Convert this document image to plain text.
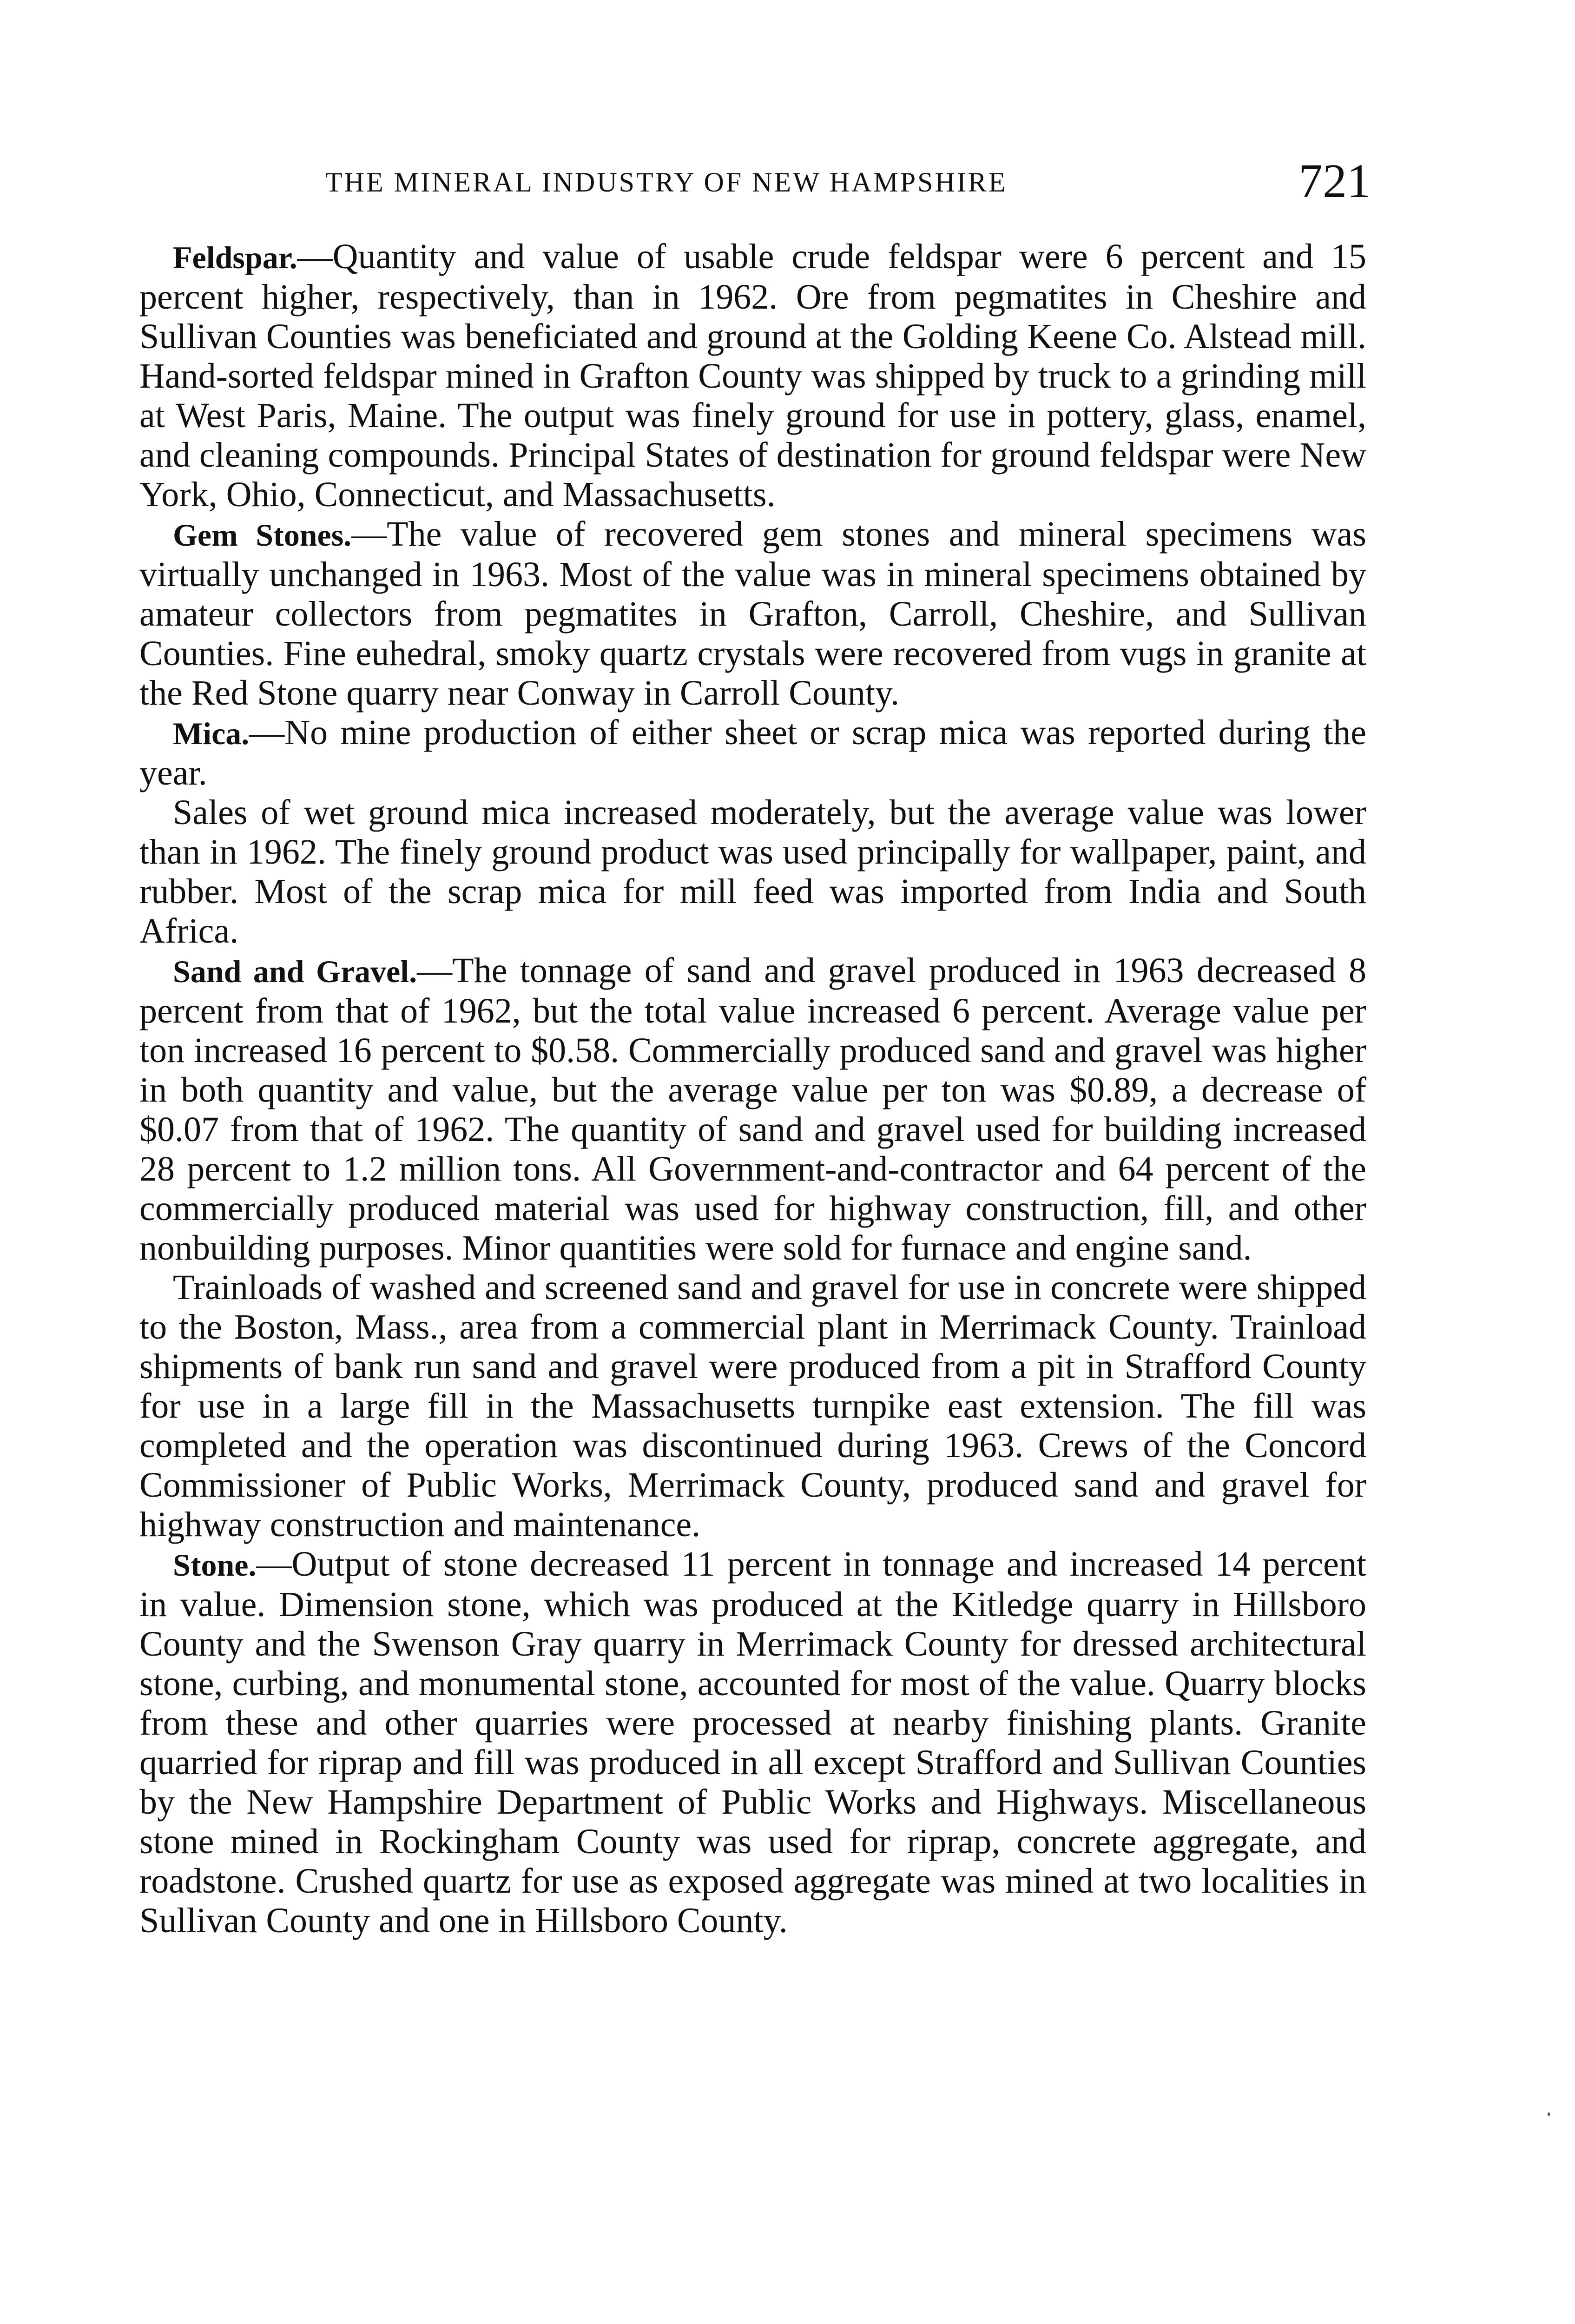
THE MINERAL INDUSTRY OF NEW HAMPSHIRE	721

Feldspar.—Quantity and value of usable crude feldspar were 6 percent and 15 percent higher, respectively, than in 1962. Ore from pegmatites in Cheshire and Sullivan Counties was beneficiated and ground at the Golding Keene Co. Alstead mill. Hand-sorted feldspar mined in Grafton County was shipped by truck to a grinding mill at West Paris, Maine. The output was finely ground for use in pottery, glass, enamel, and cleaning compounds. Principal States of destination for ground feldspar were New York, Ohio, Connecticut, and Massachusetts.

Gem Stones.—The value of recovered gem stones and mineral specimens was virtually unchanged in 1963. Most of the value was in mineral specimens obtained by amateur collectors from pegmatites in Grafton, Carroll, Cheshire, and Sullivan Counties. Fine euhedral, smoky quartz crystals were recovered from vugs in granite at the Red Stone quarry near Conway in Carroll County.

Mica.—No mine production of either sheet or scrap mica was reported during the year.

Sales of wet ground mica increased moderately, but the average value was lower than in 1962. The finely ground product was used principally for wallpaper, paint, and rubber. Most of the scrap mica for mill feed was imported from India and South Africa.

Sand and Gravel.—The tonnage of sand and gravel produced in 1963 decreased 8 percent from that of 1962, but the total value increased 6 percent. Average value per ton increased 16 percent to $0.58. Commercially produced sand and gravel was higher in both quantity and value, but the average value per ton was $0.89, a decrease of $0.07 from that of 1962. The quantity of sand and gravel used for building increased 28 percent to 1.2 million tons. All Government-and-contractor and 64 percent of the commercially produced material was used for highway construction, fill, and other nonbuilding purposes. Minor quantities were sold for furnace and engine sand.

Trainloads of washed and screened sand and gravel for use in concrete were shipped to the Boston, Mass., area from a commercial plant in Merrimack County. Trainload shipments of bank run sand and gravel were produced from a pit in Strafford County for use in a large fill in the Massachusetts turnpike east extension. The fill was completed and the operation was discontinued during 1963. Crews of the Concord Commissioner of Public Works, Merrimack County, produced sand and gravel for highway construction and maintenance.

Stone.—Output of stone decreased 11 percent in tonnage and increased 14 percent in value. Dimension stone, which was produced at the Kitledge quarry in Hillsboro County and the Swenson Gray quarry in Merrimack County for dressed architectural stone, curbing, and monumental stone, accounted for most of the value. Quarry blocks from these and other quarries were processed at nearby finishing plants. Granite quarried for riprap and fill was produced in all except Strafford and Sullivan Counties by the New Hampshire Department of Public Works and Highways. Miscellaneous stone mined in Rockingham County was used for riprap, concrete aggregate, and roadstone. Crushed quartz for use as exposed aggregate was mined at two localities in Sullivan County and one in Hillsboro County.
